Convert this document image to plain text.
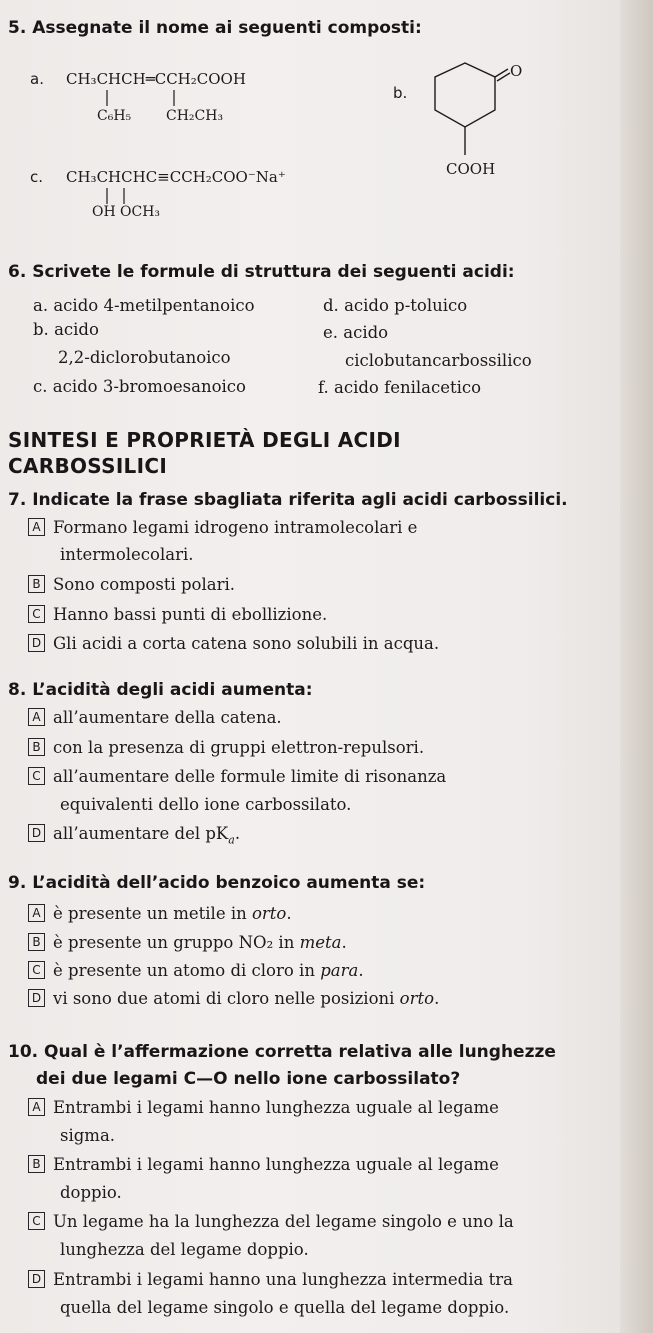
5. Assegnate il nome ai seguenti composti:
a. CH₃CHCH═CCH₂COOH
C₆H₅ CH₂CH₃
b.
O
COOH
c. CH₃CHCHC≡CCH₂COO⁻Na⁺
OH OCH₃
6. Scrivete le formule di struttura dei seguenti acidi:
a. acido 4-metilpentanoico	d. acido p-toluico
b. acido	e. acido
2,2-diclorobutanoico	ciclobutancarbossilico
c. acido 3-bromoesanoico	f. acido fenilacetico
SINTESI E PROPRIETÀ DEGLI ACIDI
CARBOSSILICI
7. Indicate la frase sbagliata riferita agli acidi carbossilici.
A Formano legami idrogeno intramolecolari e
intermolecolari.
B Sono composti polari.
C Hanno bassi punti di ebollizione.
D Gli acidi a corta catena sono solubili in acqua.
8. L’acidità degli acidi aumenta:
A all’aumentare della catena.
B con la presenza di gruppi elettron-repulsori.
C all’aumentare delle formule limite di risonanza
equivalenti dello ione carbossilato.
D all’aumentare del $pK_a$.
9. L’acidità dell’acido benzoico aumenta se:
A è presente un metile in orto.
B è presente un gruppo NO₂ in meta.
C è presente un atomo di cloro in para.
D vi sono due atomi di cloro nelle posizioni orto.
10. Qual è l’affermazione corretta relativa alle lunghezze
dei due legami C—O nello ione carbossilato?
A Entrambi i legami hanno lunghezza uguale al legame
sigma.
B Entrambi i legami hanno lunghezza uguale al legame
doppio.
C Un legame ha la lunghezza del legame singolo e uno la
lunghezza del legame doppio.
D Entrambi i legami hanno una lunghezza intermedia tra
quella del legame singolo e quella del legame doppio.
